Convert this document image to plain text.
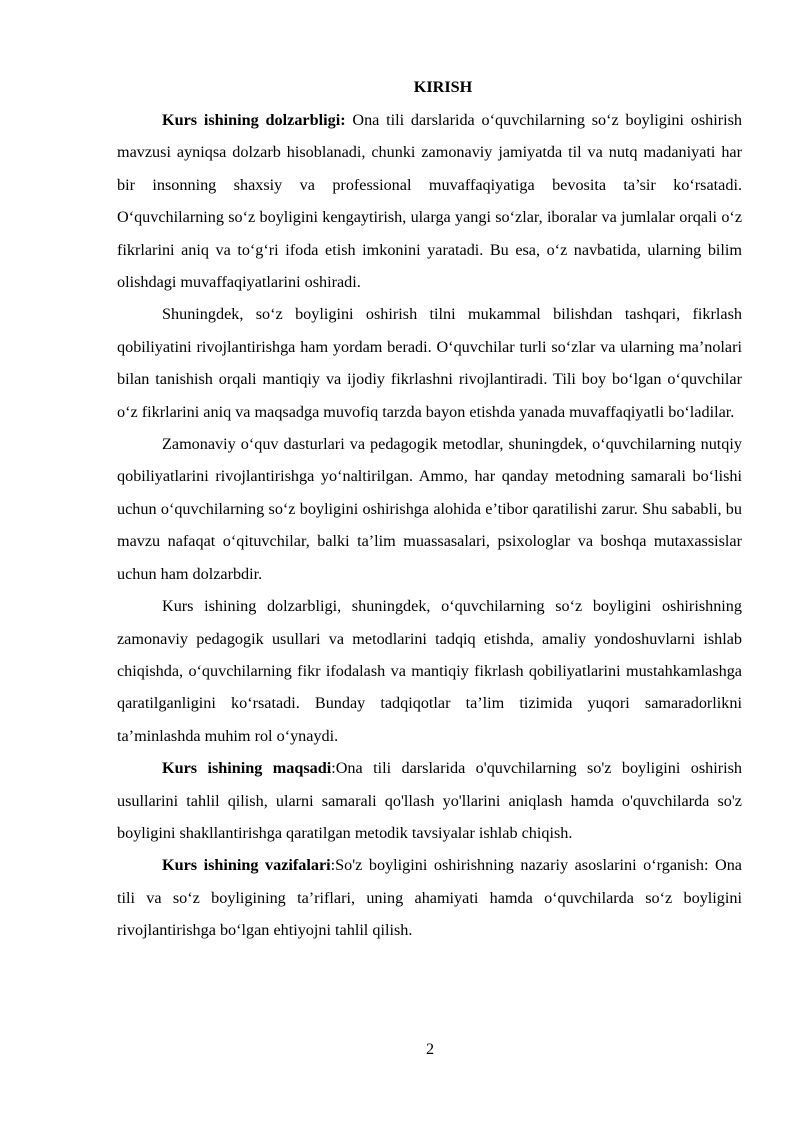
KIRISH

Kurs ishining dolzarbligi: Ona tili darslarida o‘quvchilarning so‘z boyligini oshirish mavzusi ayniqsa dolzarb hisoblanadi, chunki zamonaviy jamiyatda til va nutq madaniyati har bir insonning shaxsiy va professional muvaffaqiyatiga bevosita ta’sir ko‘rsatadi. O‘quvchilarning so‘z boyligini kengaytirish, ularga yangi so‘zlar, iboralar va jumlalar orqali o‘z fikrlarini aniq va to‘g‘ri ifoda etish imkonini yaratadi. Bu esa, o‘z navbatida, ularning bilim olishdagi muvaffaqiyatlarini oshiradi.

Shuningdek, so‘z boyligini oshirish tilni mukammal bilishdan tashqari, fikrlash qobiliyatini rivojlantirishga ham yordam beradi. O‘quvchilar turli so‘zlar va ularning ma’nolari bilan tanishish orqali mantiqiy va ijodiy fikrlashni rivojlantiradi. Tili boy bo‘lgan o‘quvchilar o‘z fikrlarini aniq va maqsadga muvofiq tarzda bayon etishda yanada muvaffaqiyatli bo‘ladilar.

Zamonaviy o‘quv dasturlari va pedagogik metodlar, shuningdek, o‘quvchilarning nutqiy qobiliyatlarini rivojlantirishga yo‘naltirilgan. Ammo, har qanday metodning samarali bo‘lishi uchun o‘quvchilarning so‘z boyligini oshirishga alohida e’tibor qaratilishi zarur. Shu sababli, bu mavzu nafaqat o‘qituvchilar, balki ta’lim muassasalari, psixologlar va boshqa mutaxassislar uchun ham dolzarbdir.

Kurs ishining dolzarbligi, shuningdek, o‘quvchilarning so‘z boyligini oshirishning zamonaviy pedagogik usullari va metodlarini tadqiq etishda, amaliy yondoshuvlarni ishlab chiqishda, o‘quvchilarning fikr ifodalash va mantiqiy fikrlash qobiliyatlarini mustahkamlashga qaratilganligini ko‘rsatadi. Bunday tadqiqotlar ta’lim tizimida yuqori samaradorlikni ta’minlashda muhim rol o‘ynaydi.

Kurs ishining maqsadi:Ona tili darslarida o'quvchilarning so'z boyligini oshirish usullarini tahlil qilish, ularni samarali qo'llash yo'llarini aniqlash hamda o'quvchilarda so'z boyligini shakllantirishga qaratilgan metodik tavsiyalar ishlab chiqish.

Kurs ishining vazifalari:So'z boyligini oshirishning nazariy asoslarini o‘rganish: Ona tili va so‘z boyligining ta’riflari, uning ahamiyati hamda o‘quvchilarda so‘z boyligini rivojlantirishga bo‘lgan ehtiyojni tahlil qilish.

2
